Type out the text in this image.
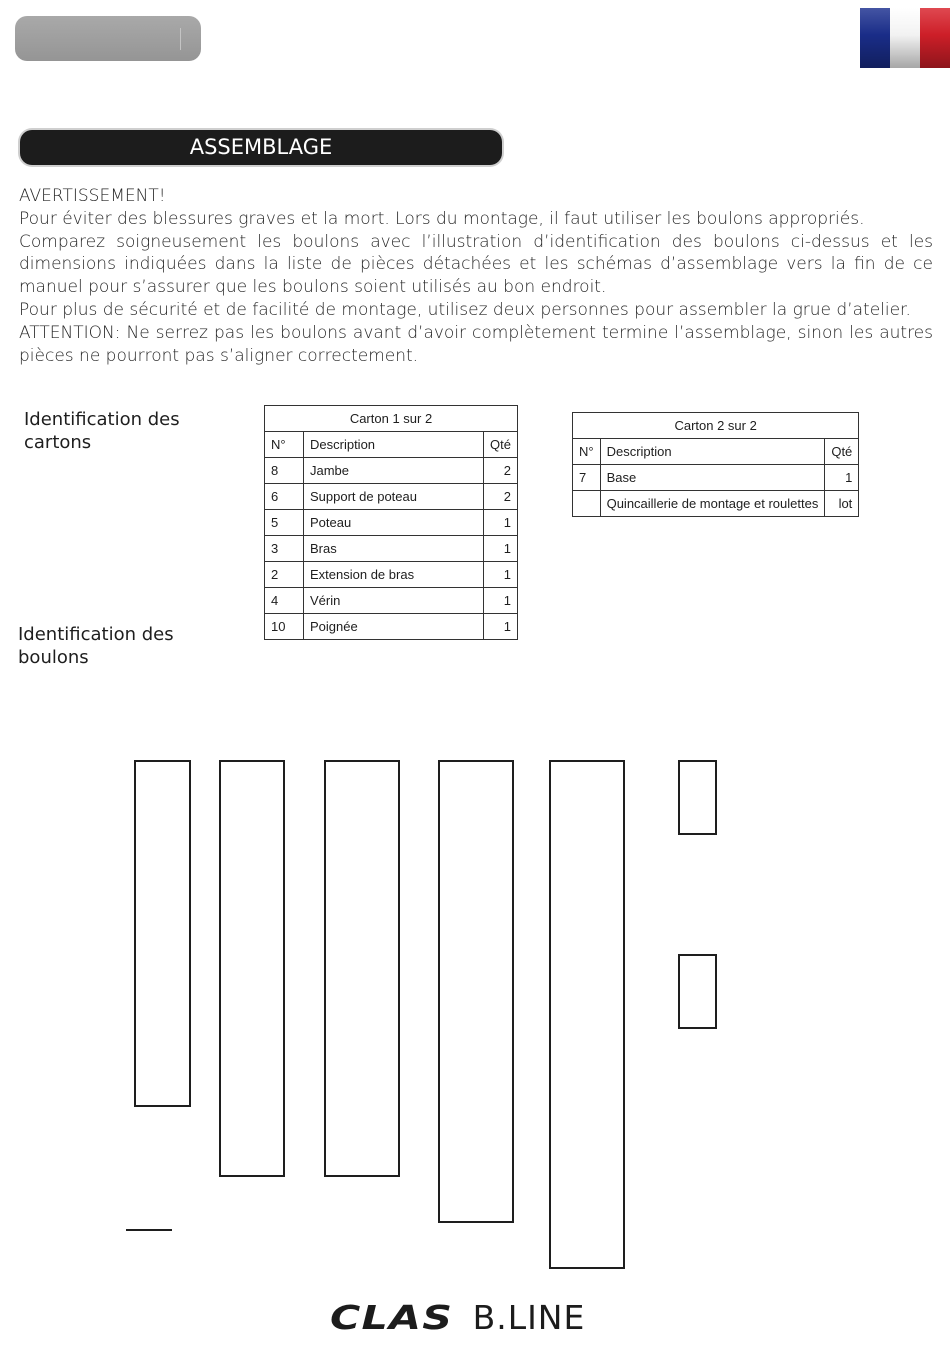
ASSEMBLAGE

AVERTISSEMENT!

Pour éviter des blessures graves et la mort. Lors du montage, il faut utiliser les boulons appropriés.

Comparez soigneusement les boulons avec l’illustration d’identification des boulons ci-dessus et les dimensions indiquées dans la liste de pièces détachées et les schémas d’assemblage vers la fin de ce manuel pour s’assurer que les boulons soient utilisés au bon endroit.

Pour plus de sécurité et de facilité de montage, utilisez deux personnes pour assembler la grue d’atelier.

ATTENTION: Ne serrez pas les boulons avant d’avoir complètement termine l’assemblage, sinon les autres pièces ne pourront pas s’aligner correctement.

Identification des
cartons
Identification des
boulons
Carton 1 sur 2		
N°	Description	Qté
8	Jambe	2
6	Support de poteau	2
5	Poteau	1
3	Bras	1
2	Extension de bras	1
4	Vérin	1
10	Poignée	1
Carton 2 sur 2		
N°	Description	Qté
7	Base	1
	Quincaillerie de montage et roulettes	lot
CLAS B.LINE
